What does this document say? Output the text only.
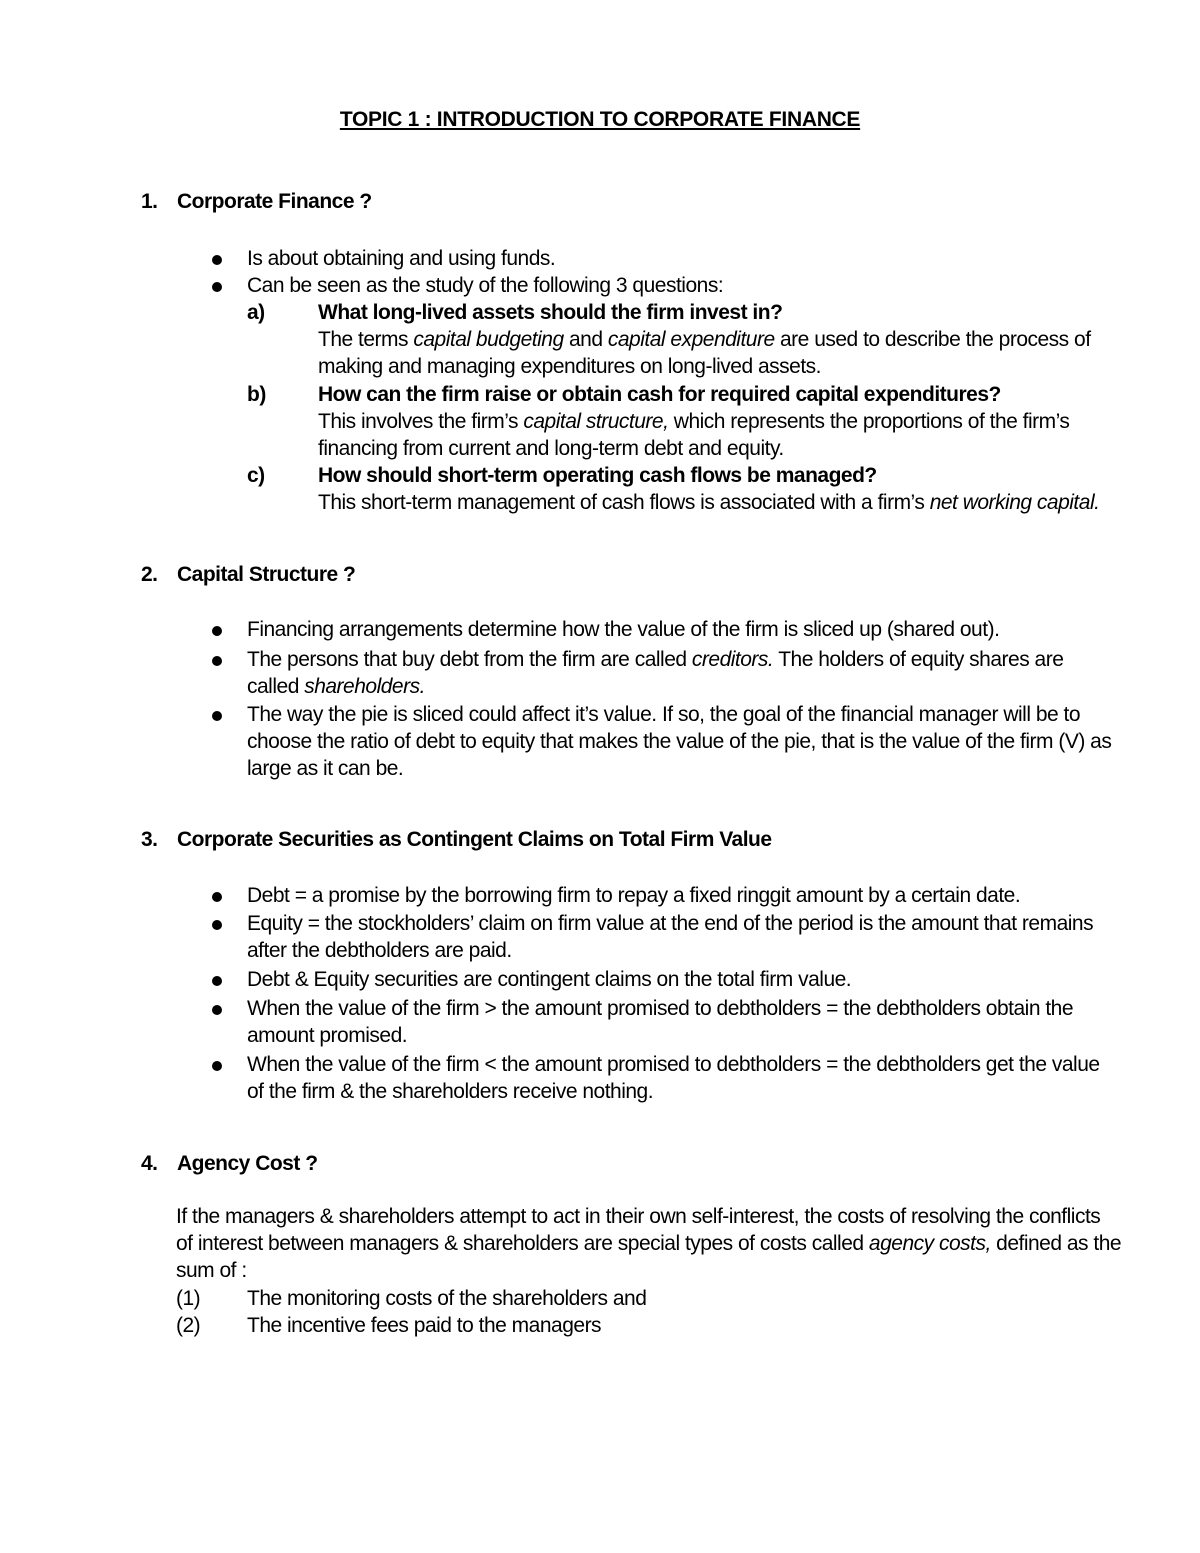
TOPIC 1 : INTRODUCTION TO CORPORATE FINANCE
1. Corporate Finance ?
Is about obtaining and using funds.
Can be seen as the study of the following 3 questions:
a)	What long-lived assets should the firm invest in?
The terms capital budgeting and capital expenditure are used to describe the process of
making and managing expenditures on long-lived assets.
b) How can the firm raise or obtain cash for required capital expenditures?
This involves the firm’s capital structure, which represents the proportions of the firm’s
financing from current and long-term debt and equity.
c)	How should short-term operating cash flows be managed?
This short-term management of cash flows is associated with a firm’s net working capital.
2. Capital Structure ?
Financing arrangements determine how the value of the firm is sliced up (shared out).
The persons that buy debt from the firm are called creditors. The holders of equity shares are
called shareholders.
The way the pie is sliced could affect it’s value. If so, the goal of the financial manager will be to
choose the ratio of debt to equity that makes the value of the pie, that is the value of the firm (V) as
large as it can be.
3. Corporate Securities as Contingent Claims on Total Firm Value
Debt = a promise by the borrowing firm to repay a fixed ringgit amount by a certain date.
Equity = the stockholders’ claim on firm value at the end of the period is the amount that remains
after the debtholders are paid.
Debt & Equity securities are contingent claims on the total firm value.
When the value of the firm > the amount promised to debtholders = the debtholders obtain the
amount promised.
When the value of the firm < the amount promised to debtholders = the debtholders get the value
of the firm & the shareholders receive nothing.
4. Agency Cost ?
If the managers & shareholders attempt to act in their own self-interest, the costs of resolving the conflicts
of interest between managers & shareholders are special types of costs called agency costs, defined as the
sum of :
(1) The monitoring costs of the shareholders and
(2) The incentive fees paid to the managers
